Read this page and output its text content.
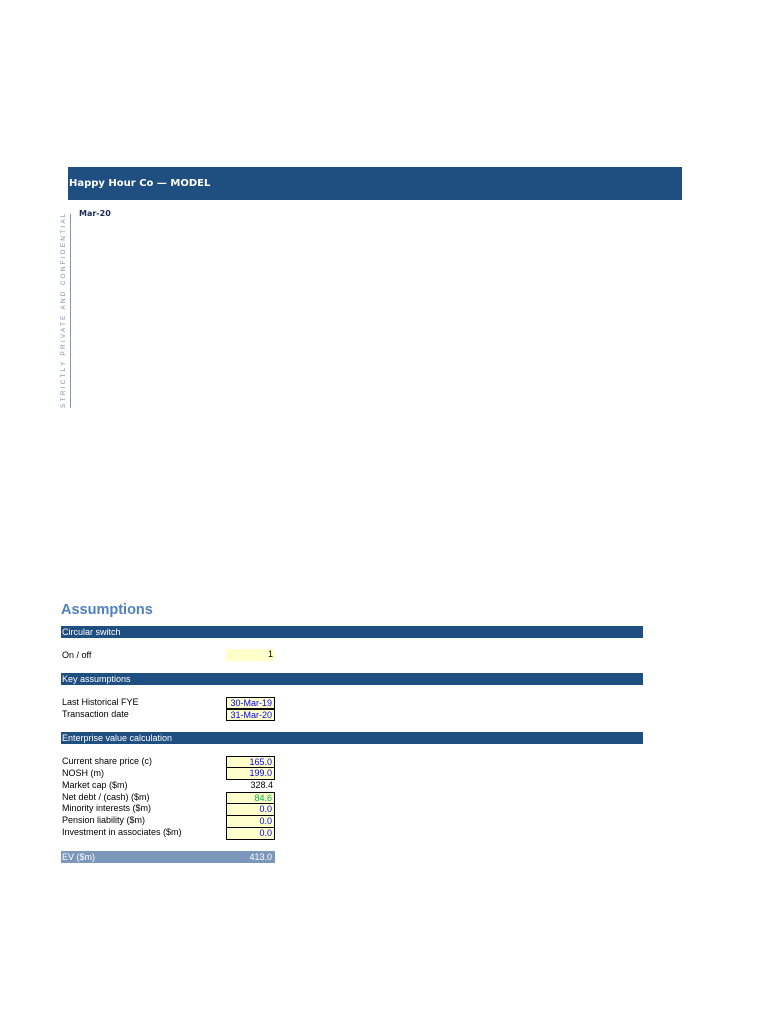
Happy Hour Co — MODEL
Mar-20
STRICTLY PRIVATE AND CONFIDENTIAL
Assumptions
Circular switch
On / off	1
Key assumptions
Last Historical FYE	30-Mar-19
Transaction date	31-Mar-20
Enterprise value calculation
Current share price (c)	165.0
NOSH (m)	199.0
Market cap ($m)	328.4
Net debt / (cash) ($m)	84.6
Minority interests ($m)	0.0
Pension liability ($m)	0.0
Investment in associates ($m)	0.0
EV ($m)	413.0
